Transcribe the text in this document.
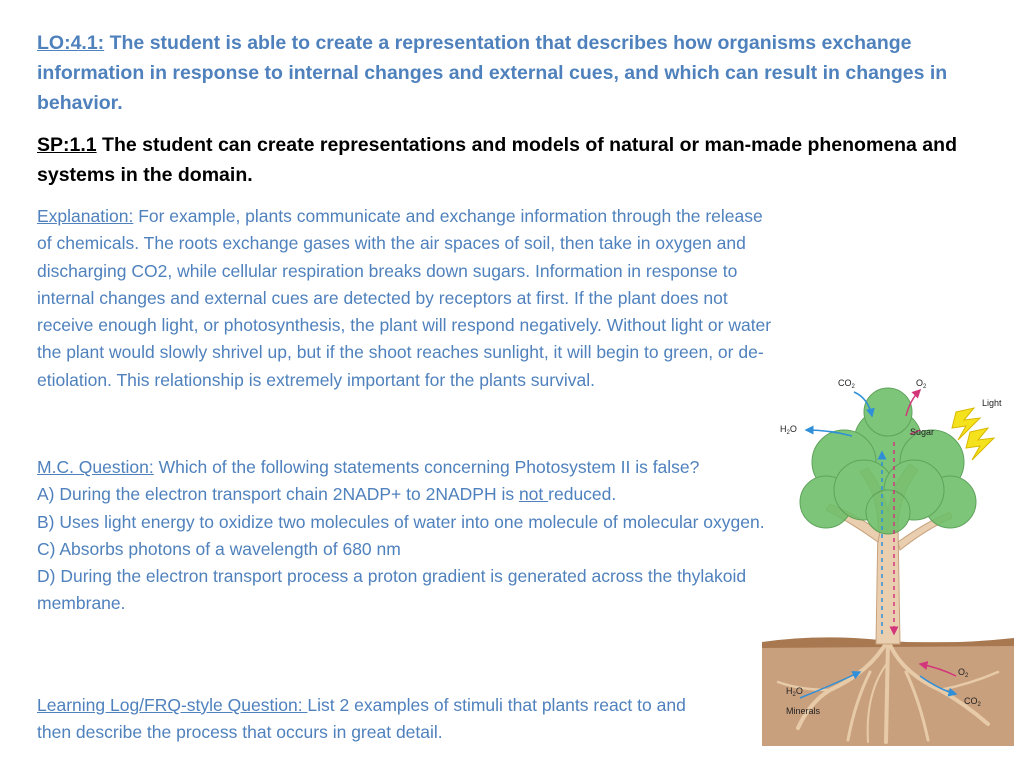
LO:4.1: The student is able to create a representation that describes how organisms exchange information in response to internal changes and external cues, and which can result in changes in behavior.
SP:1.1 The student can create representations and models of natural or man-made phenomena and systems in the domain.
Explanation: For example, plants communicate and exchange information through the release of chemicals. The roots exchange gases with the air spaces of soil, then take in oxygen and discharging CO2, while cellular respiration breaks down sugars. Information in response to internal changes and external cues are detected by receptors at first. If the plant does not receive enough light, or photosynthesis, the plant will respond negatively. Without light or water the plant would slowly shrivel up, but if the shoot reaches sunlight, it will begin to green, or de-etiolation. This relationship is extremely important for the plants survival.
M.C. Question: Which of the following statements concerning Photosystem II is false?
A) During the electron transport chain 2NADP+ to 2NADPH is not reduced.
B) Uses light energy to oxidize two molecules of water into one molecule of molecular oxygen.
C) Absorbs photons of a wavelength of 680 nm
D) During the electron transport process a proton gradient is generated across the thylakoid membrane.
Learning Log/FRQ-style Question: List 2 examples of stimuli that plants react to and then describe the process that occurs in great detail.
$CO_2$	$O_2$
Light
$H_2O$	Sugar
$O_2$
$H_2O$
Minerals
$CO_2$
